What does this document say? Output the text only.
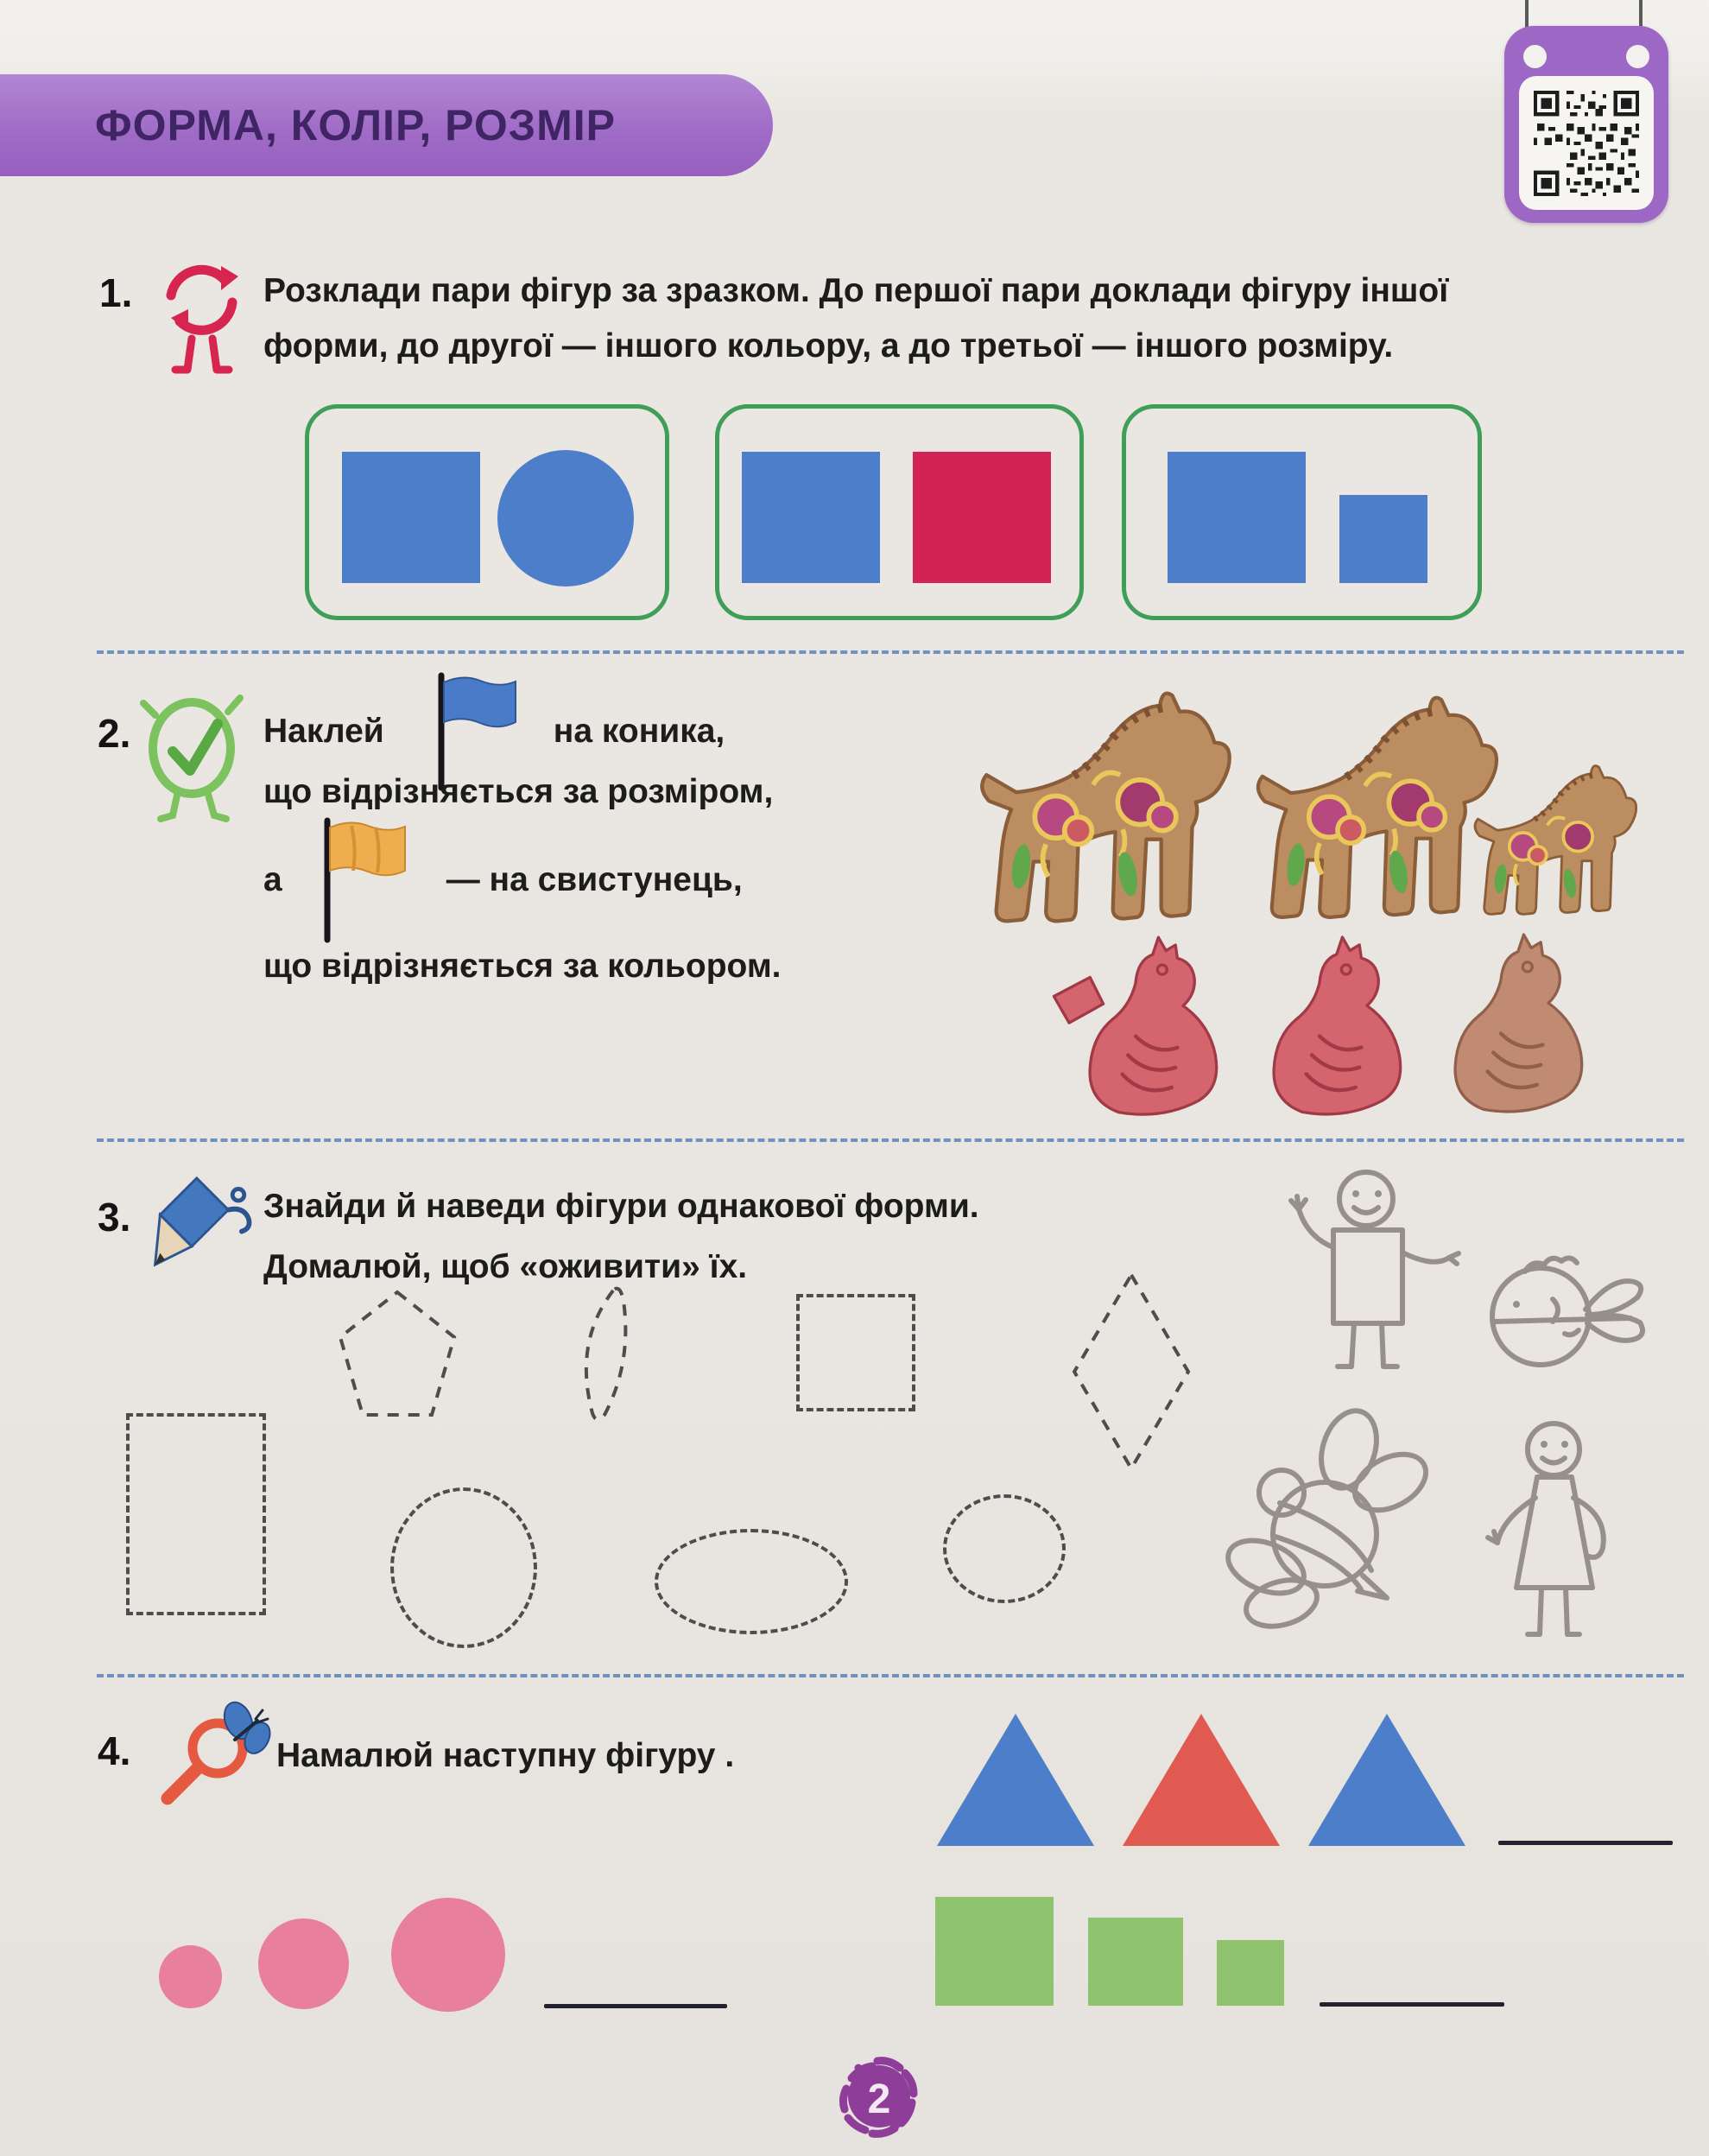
ФОРМА, КОЛІР, РОЗМІР
1.	Розклади пари фігур за зразком. До першої пари доклади фігуру іншої
форми, до другої — іншого кольору, а до третьої — іншого розміру.
2.	Наклей	на коника,
що відрізняється за розміром,
а	— на свистунець,
що відрізняється за кольором.
3.	Знайди й наведи фігури однакової форми.
Домалюй, щоб «оживити» їх.
4.	Намалюй наступну фігуру .
2
